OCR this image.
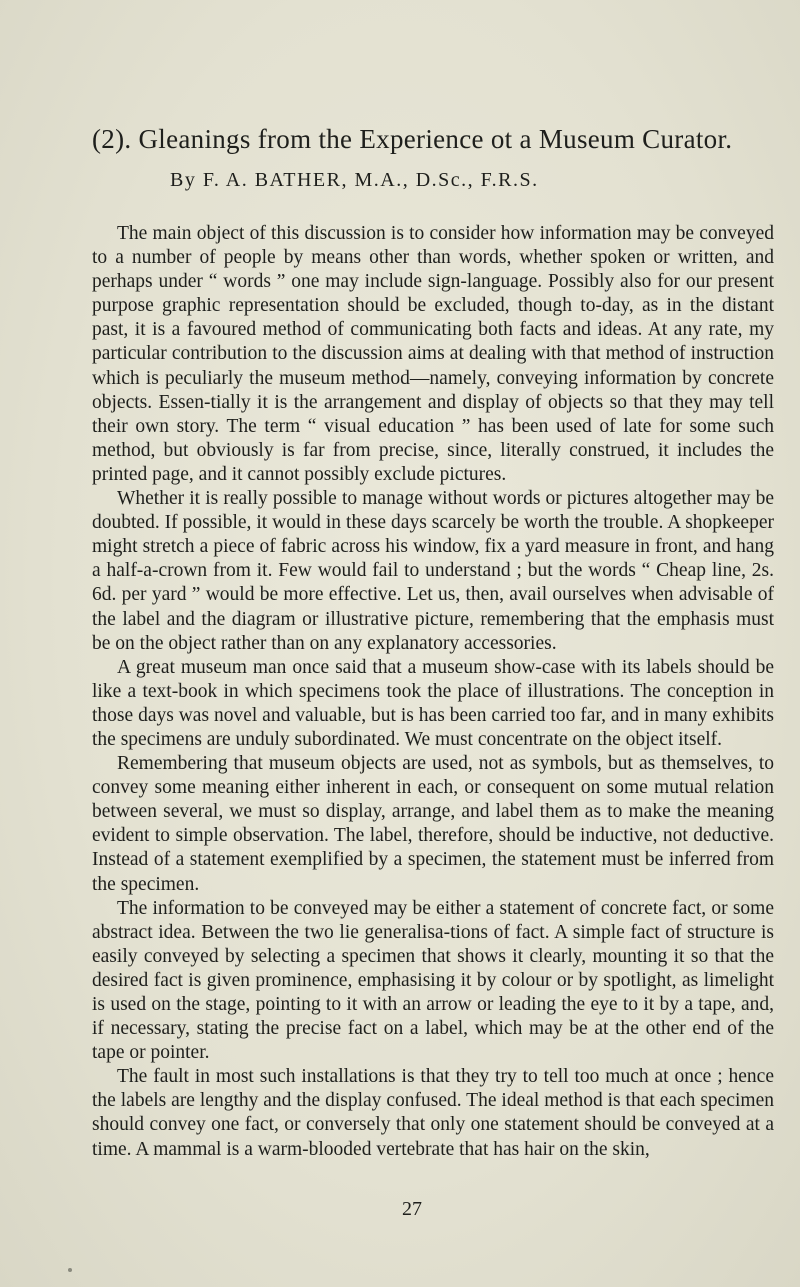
(2). Gleanings from the Experience ot a Museum Curator.
By F. A. BATHER, M.A., D.Sc., F.R.S.

The main object of this discussion is to consider how information may be conveyed to a number of people by means other than words, whether spoken or written, and perhaps under “ words ” one may include sign-language. Possibly also for our present purpose graphic representation should be excluded, though to-day, as in the distant past, it is a favoured method of communicating both facts and ideas. At any rate, my particular contribution to the discussion aims at dealing with that method of instruction which is peculiarly the museum method—namely, conveying information by concrete objects. Essen-tially it is the arrangement and display of objects so that they may tell their own story. The term “ visual education ” has been used of late for some such method, but obviously is far from precise, since, literally construed, it includes the printed page, and it cannot possibly exclude pictures.

Whether it is really possible to manage without words or pictures altogether may be doubted. If possible, it would in these days scarcely be worth the trouble. A shopkeeper might stretch a piece of fabric across his window, fix a yard measure in front, and hang a half-a-crown from it. Few would fail to understand ; but the words “ Cheap line, 2s. 6d. per yard ” would be more effective. Let us, then, avail ourselves when advisable of the label and the diagram or illustrative picture, remembering that the emphasis must be on the object rather than on any explanatory accessories.

A great museum man once said that a museum show-case with its labels should be like a text-book in which specimens took the place of illustrations. The conception in those days was novel and valuable, but is has been carried too far, and in many exhibits the specimens are unduly subordinated. We must concentrate on the object itself.

Remembering that museum objects are used, not as symbols, but as themselves, to convey some meaning either inherent in each, or consequent on some mutual relation between several, we must so display, arrange, and label them as to make the meaning evident to simple observation. The label, therefore, should be inductive, not deductive. Instead of a statement exemplified by a specimen, the statement must be inferred from the specimen.

The information to be conveyed may be either a statement of concrete fact, or some abstract idea. Between the two lie generalisa-tions of fact. A simple fact of structure is easily conveyed by selecting a specimen that shows it clearly, mounting it so that the desired fact is given prominence, emphasising it by colour or by spotlight, as limelight is used on the stage, pointing to it with an arrow or leading the eye to it by a tape, and, if necessary, stating the precise fact on a label, which may be at the other end of the tape or pointer.

The fault in most such installations is that they try to tell too much at once ; hence the labels are lengthy and the display confused. The ideal method is that each specimen should convey one fact, or conversely that only one statement should be conveyed at a time. A mammal is a warm-blooded vertebrate that has hair on the skin,

27
